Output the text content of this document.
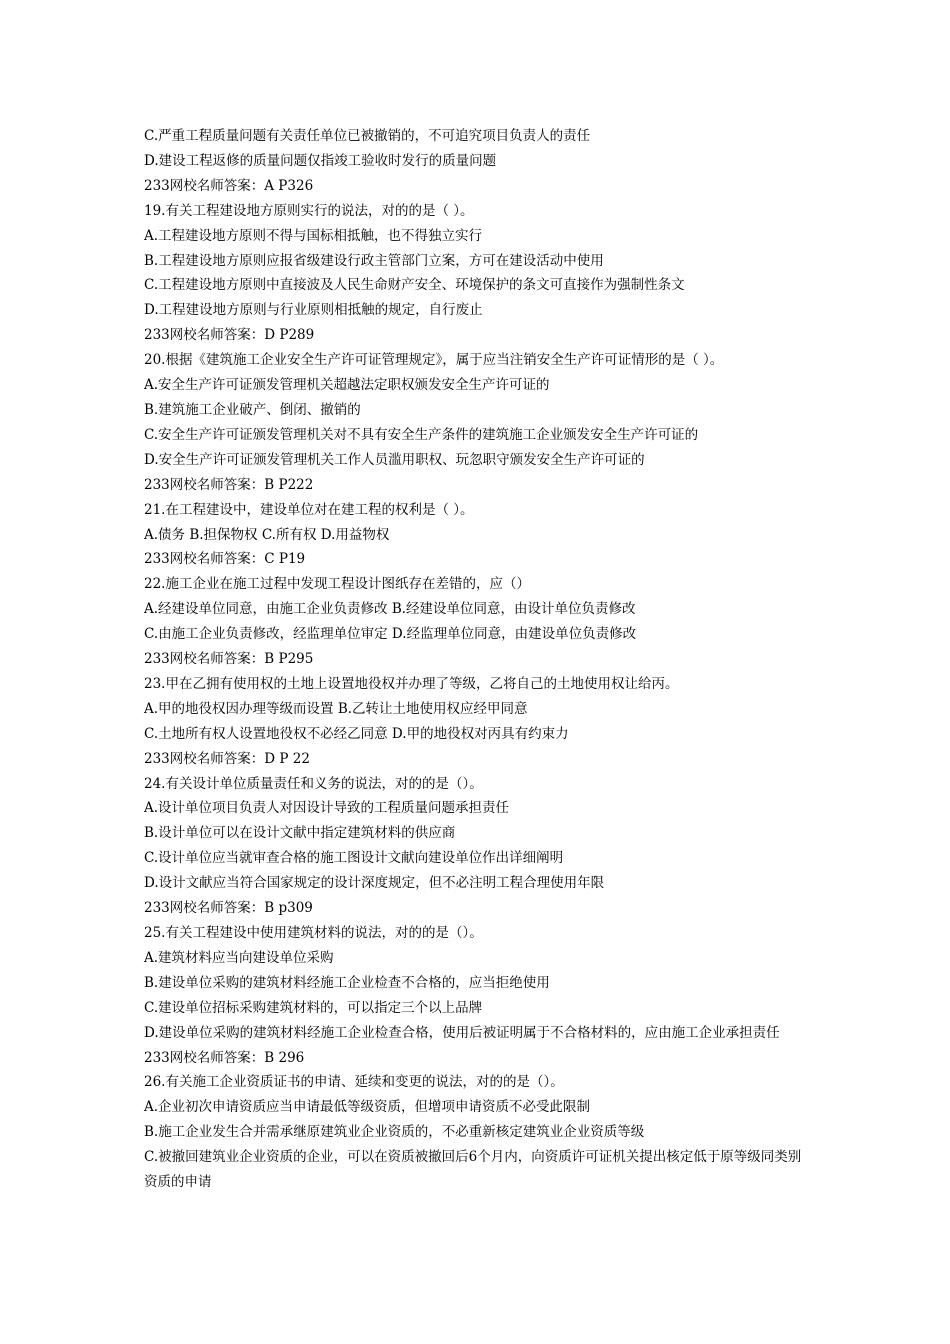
C.严重工程质量问题有关责任单位已被撤销的，不可追究项目负责人的责任
D.建设工程返修的质量问题仅指竣工验收时发行的质量问题
233网校名师答案：A P326
19.有关工程建设地方原则实行的说法，对的的是（ ）。
A.工程建设地方原则不得与国标相抵触，也不得独立实行
B.工程建设地方原则应报省级建设行政主管部门立案，方可在建设活动中使用
C.工程建设地方原则中直接波及人民生命财产安全、环境保护的条文可直接作为强制性条文
D.工程建设地方原则与行业原则相抵触的规定，自行废止
233网校名师答案：D P289
20.根据《建筑施工企业安全生产许可证管理规定》，属于应当注销安全生产许可证情形的是（ ）。
A.安全生产许可证颁发管理机关超越法定职权颁发安全生产许可证的
B.建筑施工企业破产、倒闭、撤销的
C.安全生产许可证颁发管理机关对不具有安全生产条件的建筑施工企业颁发安全生产许可证的
D.安全生产许可证颁发管理机关工作人员滥用职权、玩忽职守颁发安全生产许可证的
233网校名师答案：B P222
21.在工程建设中，建设单位对在建工程的权利是（ ）。
A.债务 B.担保物权 C.所有权 D.用益物权
233网校名师答案：C P19
22.施工企业在施工过程中发现工程设计图纸存在差错的，应（）
A.经建设单位同意，由施工企业负责修改 B.经建设单位同意，由设计单位负责修改
C.由施工企业负责修改，经监理单位审定 D.经监理单位同意，由建设单位负责修改
233网校名师答案：B P295
23.甲在乙拥有使用权的土地上设置地役权并办理了等级，乙将自己的土地使用权让给丙。
A.甲的地役权因办理等级而设置 B.乙转让土地使用权应经甲同意
C.土地所有权人设置地役权不必经乙同意 D.甲的地役权对丙具有约束力
233网校名师答案：D P 22
24.有关设计单位质量责任和义务的说法，对的的是（）。
A.设计单位项目负责人对因设计导致的工程质量问题承担责任
B.设计单位可以在设计文献中指定建筑材料的供应商
C.设计单位应当就审查合格的施工图设计文献向建设单位作出详细阐明
D.设计文献应当符合国家规定的设计深度规定，但不必注明工程合理使用年限
233网校名师答案：B p309
25.有关工程建设中使用建筑材料的说法，对的的是（）。
A.建筑材料应当向建设单位采购
B.建设单位采购的建筑材料经施工企业检查不合格的，应当拒绝使用
C.建设单位招标采购建筑材料的，可以指定三个以上品牌
D.建设单位采购的建筑材料经施工企业检查合格，使用后被证明属于不合格材料的，应由施工企业承担责任
233网校名师答案：B 296
26.有关施工企业资质证书的申请、延续和变更的说法，对的的是（）。
A.企业初次申请资质应当申请最低等级资质，但增项申请资质不必受此限制
B.施工企业发生合并需承继原建筑业企业资质的，不必重新核定建筑业企业资质等级
C.被撤回建筑业企业资质的企业，可以在资质被撤回后6个月内，向资质许可证机关提出核定低于原等级同类别资质的申请
